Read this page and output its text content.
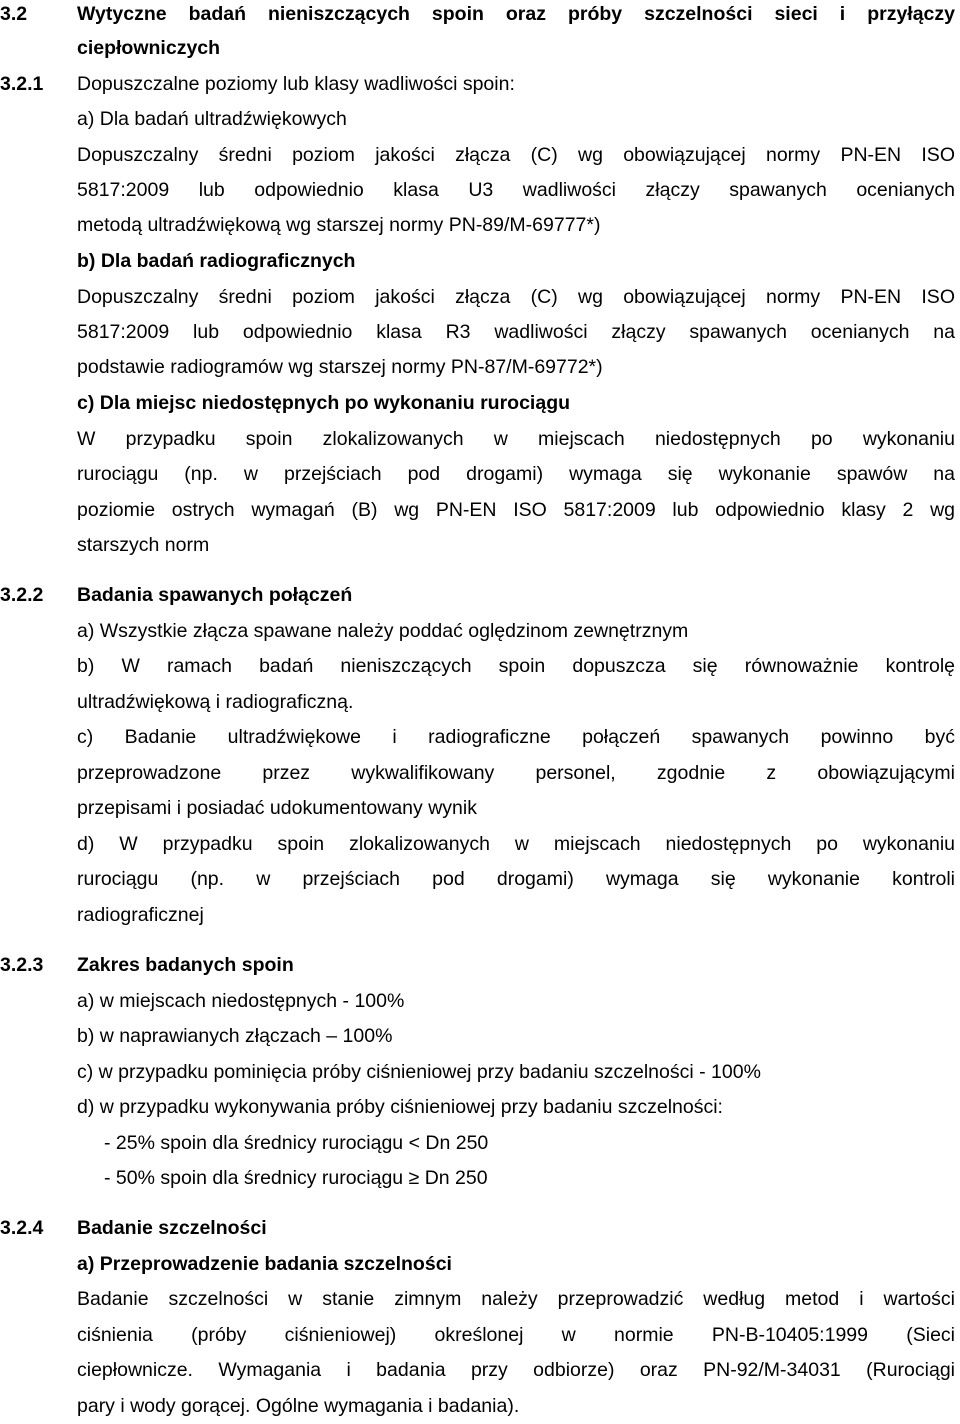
3.2	Wytyczne badań nieniszczących spoin oraz próby szczelności sieci i przyłączy
ciepłowniczych
3.2.1 Dopuszczalne poziomy lub klasy wadliwości spoin:
a) Dla badań ultradźwiękowych
Dopuszczalny średni poziom jakości złącza (C) wg obowiązującej normy PN-EN ISO
5817:2009 lub odpowiednio klasa U3 wadliwości złączy spawanych ocenianych
metodą ultradźwiękową wg starszej normy PN-89/M-69777*)
b) Dla badań radiograficznych
Dopuszczalny średni poziom jakości złącza (C) wg obowiązującej normy PN-EN ISO
5817:2009 lub odpowiednio klasa R3 wadliwości złączy spawanych ocenianych na
podstawie radiogramów wg starszej normy PN-87/M-69772*)
c) Dla miejsc niedostępnych po wykonaniu rurociągu
W przypadku spoin zlokalizowanych w miejscach niedostępnych po wykonaniu
rurociągu (np. w przejściach pod drogami) wymaga się wykonanie spawów na
poziomie ostrych wymagań (B) wg PN-EN ISO 5817:2009 lub odpowiednio klasy 2 wg
starszych norm
3.2.2 Badania spawanych połączeń
a) Wszystkie złącza spawane należy poddać oględzinom zewnętrznym
b) W ramach badań nieniszczących spoin dopuszcza się równoważnie kontrolę
ultradźwiękową i radiograficzną.
c) Badanie ultradźwiękowe i radiograficzne połączeń spawanych powinno być
przeprowadzone przez wykwalifikowany personel, zgodnie z obowiązującymi
przepisami i posiadać udokumentowany wynik
d) W przypadku spoin zlokalizowanych w miejscach niedostępnych po wykonaniu
rurociągu (np. w przejściach pod drogami) wymaga się wykonanie kontroli
radiograficznej
3.2.3 Zakres badanych spoin
a) w miejscach niedostępnych - 100%
b) w naprawianych złączach – 100%
c) w przypadku pominięcia próby ciśnieniowej przy badaniu szczelności - 100%
d) w przypadku wykonywania próby ciśnieniowej przy badaniu szczelności:
- 25% spoin dla średnicy rurociągu < Dn 250
- 50% spoin dla średnicy rurociągu ≥ Dn 250
3.2.4 Badanie szczelności
a) Przeprowadzenie badania szczelności
Badanie szczelności w stanie zimnym należy przeprowadzić według metod i wartości
ciśnienia (próby ciśnieniowej) określonej w normie PN-B-10405:1999 (Sieci
ciepłownicze. Wymagania i badania przy odbiorze) oraz PN-92/M-34031 (Rurociągi
pary i wody gorącej. Ogólne wymagania i badania).
